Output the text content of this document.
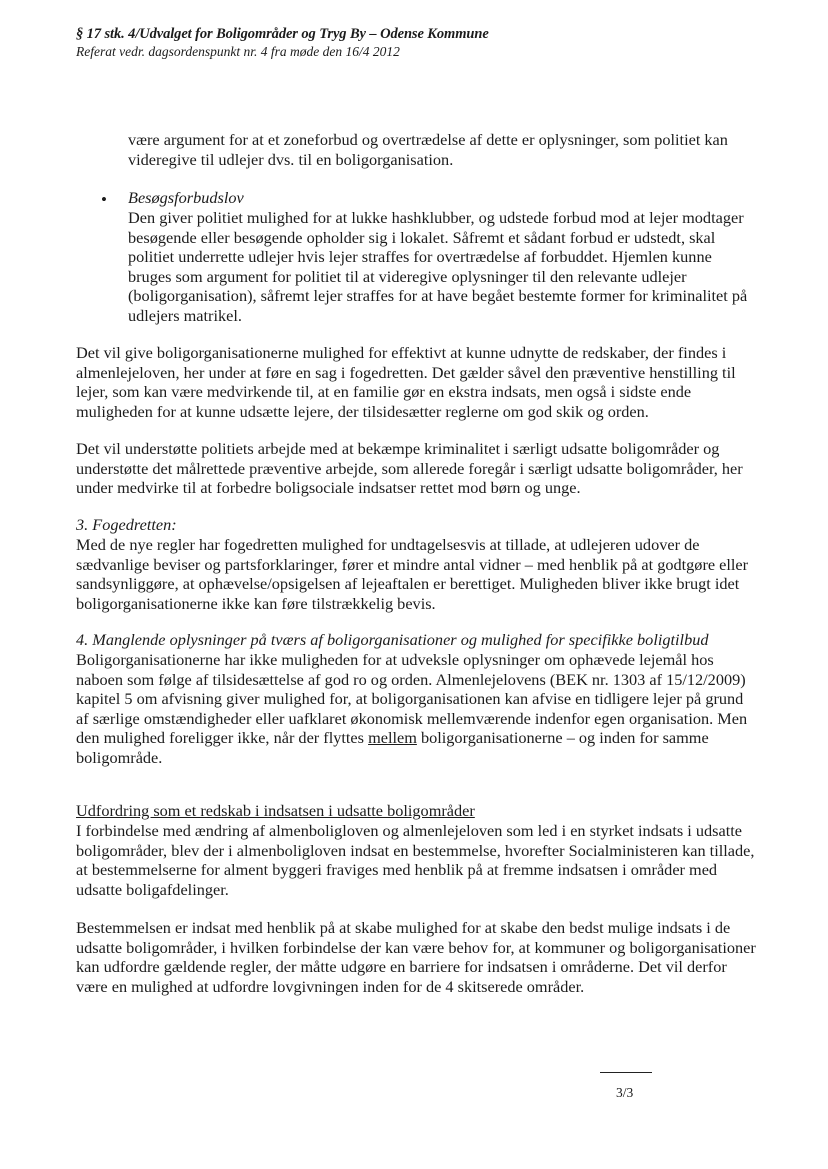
§ 17 stk. 4/Udvalget for Boligområder og Tryg By – Odense Kommune
Referat vedr. dagsordenspunkt nr. 4 fra møde den 16/4 2012

være argument for at et zoneforbud og overtrædelse af dette er oplysninger, som politiet kan videregive til udlejer dvs. til en boligorganisation.

• Besøgsforbudslov

Den giver politiet mulighed for at lukke hashklubber, og udstede forbud mod at lejer modtager besøgende eller besøgende opholder sig i lokalet. Såfremt et sådant forbud er udstedt, skal politiet underrette udlejer hvis lejer straffes for overtrædelse af forbuddet. Hjemlen kunne bruges som argument for politiet til at videregive oplysninger til den relevante udlejer (boligorganisation), såfremt lejer straffes for at have begået bestemte former for kriminalitet på udlejers matrikel.

Det vil give boligorganisationerne mulighed for effektivt at kunne udnytte de redskaber, der findes i almenlejeloven, her under at føre en sag i fogedretten. Det gælder såvel den præventive henstilling til lejer, som kan være medvirkende til, at en familie gør en ekstra indsats, men også i sidste ende muligheden for at kunne udsætte lejere, der tilsidesætter reglerne om god skik og orden.

Det vil understøtte politiets arbejde med at bekæmpe kriminalitet i særligt udsatte boligområder og understøtte det målrettede præventive arbejde, som allerede foregår i særligt udsatte boligområder, her under medvirke til at forbedre boligsociale indsatser rettet mod børn og unge.

3. Fogedretten:

Med de nye regler har fogedretten mulighed for undtagelsesvis at tillade, at udlejeren udover de sædvanlige beviser og partsforklaringer, fører et mindre antal vidner – med henblik på at godtgøre eller sandsynliggøre, at ophævelse/opsigelsen af lejeaftalen er berettiget. Muligheden bliver ikke brugt idet boligorganisationerne ikke kan føre tilstrækkelig bevis.

4. Manglende oplysninger på tværs af boligorganisationer og mulighed for specifikke boligtilbud

Boligorganisationerne har ikke muligheden for at udveksle oplysninger om ophævede lejemål hos naboen som følge af tilsidesættelse af god ro og orden. Almenlejelovens (BEK nr. 1303 af 15/12/2009) kapitel 5 om afvisning giver mulighed for, at boligorganisationen kan afvise en tidligere lejer på grund af særlige omstændigheder eller uafklaret økonomisk mellemværende indenfor egen organisation. Men den mulighed foreligger ikke, når der flyttes mellem boligorganisationerne – og inden for samme boligområde.

Udfordring som et redskab i indsatsen i udsatte boligområder

I forbindelse med ændring af almenboligloven og almenlejeloven som led i en styrket indsats i udsatte boligområder, blev der i almenboligloven indsat en bestemmelse, hvorefter Socialministeren kan tillade, at bestemmelserne for alment byggeri fraviges med henblik på at fremme indsatsen i områder med udsatte boligafdelinger.

Bestemmelsen er indsat med henblik på at skabe mulighed for at skabe den bedst mulige indsats i de udsatte boligområder, i hvilken forbindelse der kan være behov for, at kommuner og boligorganisationer kan udfordre gældende regler, der måtte udgøre en barriere for indsatsen i områderne. Det vil derfor være en mulighed at udfordre lovgivningen inden for de 4 skitserede områder.

3/3
